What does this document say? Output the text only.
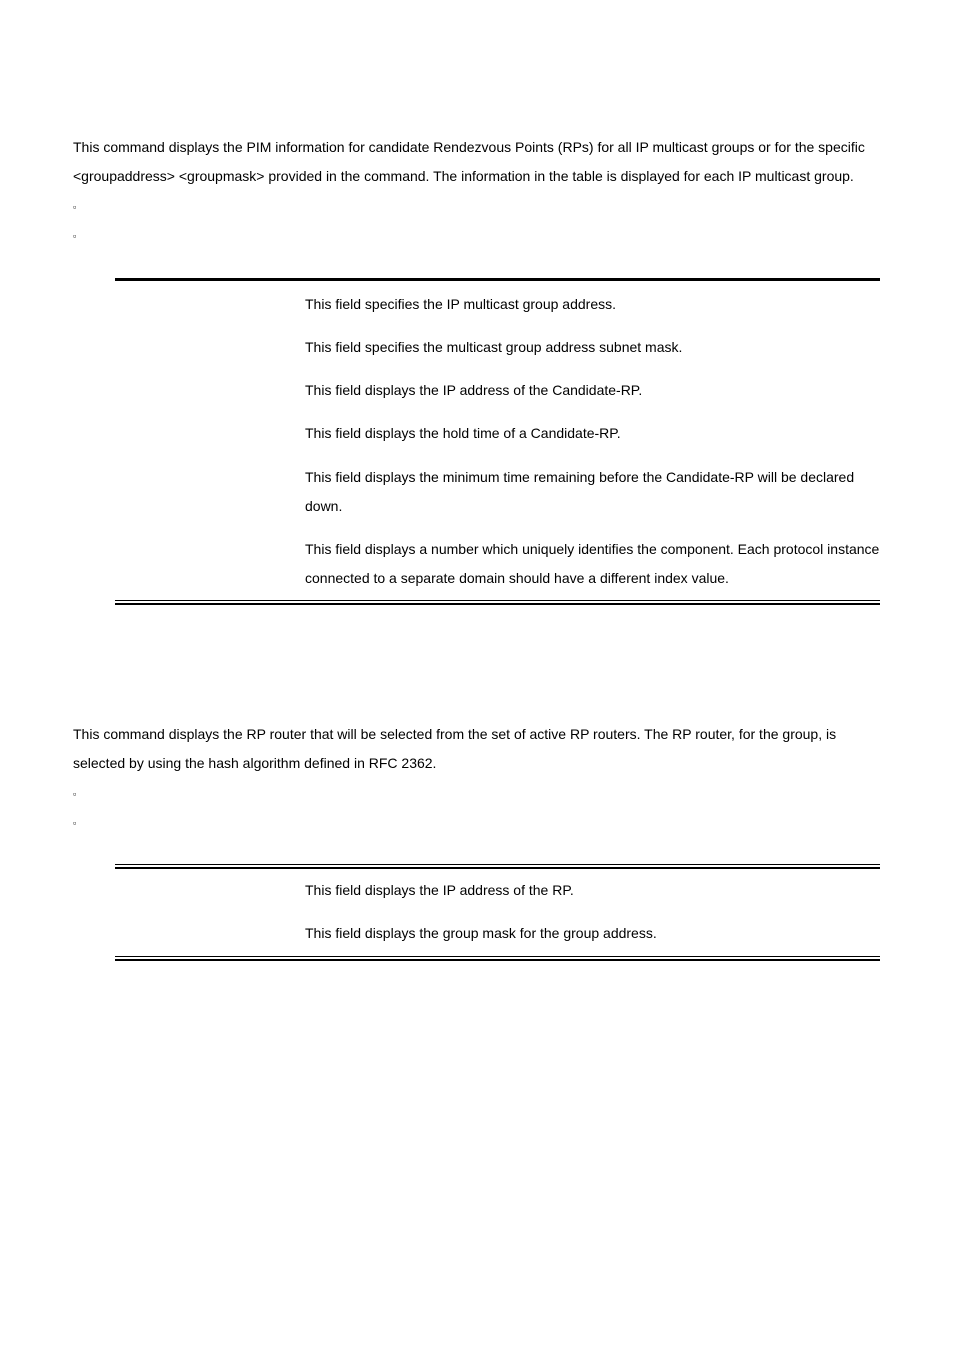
This command displays the PIM information for candidate Rendezvous Points (RPs) for all IP multicast groups or for the specific
<groupaddress> <groupmask> provided in the command. The information in the table is displayed for each IP multicast group.
▫
▫
This field specifies the IP multicast group address.
This field specifies the multicast group address subnet mask.
This field displays the IP address of the Candidate-RP.
This field displays the hold time of a Candidate-RP.
This field displays the minimum time remaining before the Candidate-RP will be declared down.
This field displays a number which uniquely identifies the component. Each protocol instance connected to a separate domain should have a different index value.
This command displays the RP router that will be selected from the set of active RP routers. The RP router, for the group, is
selected by using the hash algorithm defined in RFC 2362.
▫
▫
This field displays the IP address of the RP.
This field displays the group mask for the group address.
